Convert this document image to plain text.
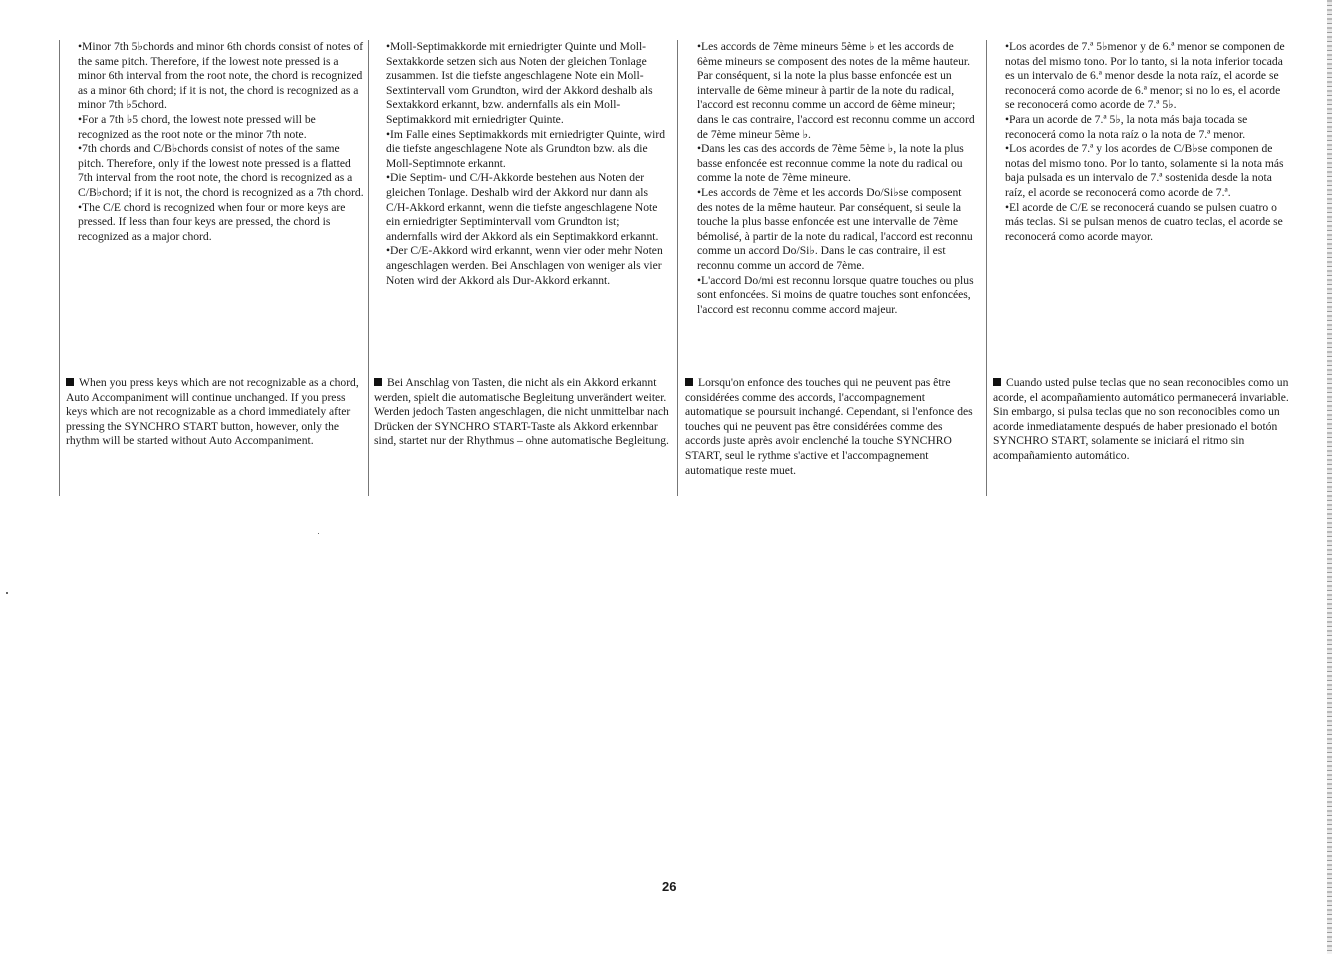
•Minor 7th 5♭chords and minor 6th chords consist of notes of the same pitch. Therefore, if the lowest note pressed is a minor 6th interval from the root note, the chord is recognized as a minor 6th chord; if it is not, the chord is recognized as a minor 7th ♭5chord.

•For a 7th ♭5 chord, the lowest note pressed will be recognized as the root note or the minor 7th note.

•7th chords and C/B♭chords consist of notes of the same pitch. Therefore, only if the lowest note pressed is a flatted 7th interval from the root note, the chord is recognized as a C/B♭chord; if it is not, the chord is recognized as a 7th chord.

•The C/E chord is recognized when four or more keys are pressed. If less than four keys are pressed, the chord is recognized as a major chord.

When you press keys which are not recognizable as a chord, Auto Accompaniment will continue unchanged. If you press keys which are not recognizable as a chord immediately after pressing the SYNCHRO START button, however, only the rhythm will be started without Auto Accompaniment.

•Moll-Septimakkorde mit erniedrigter Quinte und Moll-Sextakkorde setzen sich aus Noten der gleichen Tonlage zusammen. Ist die tiefste angeschlagene Note ein Moll-Sextintervall vom Grundton, wird der Akkord deshalb als Sextakkord erkannt, bzw. andernfalls als ein Moll-Septimakkord mit erniedrigter Quinte.

•Im Falle eines Septimakkords mit erniedrigter Quinte, wird die tiefste angeschlagene Note als Grundton bzw. als die Moll-Septimnote erkannt.

•Die Septim- und C/H-Akkorde bestehen aus Noten der gleichen Tonlage. Deshalb wird der Akkord nur dann als C/H-Akkord erkannt, wenn die tiefste angeschlagene Note ein erniedrigter Septimintervall vom Grundton ist; andernfalls wird der Akkord als ein Septimakkord erkannt.

•Der C/E-Akkord wird erkannt, wenn vier oder mehr Noten angeschlagen werden. Bei Anschlagen von weniger als vier Noten wird der Akkord als Dur-Akkord erkannt.

Bei Anschlag von Tasten, die nicht als ein Akkord erkannt werden, spielt die automatische Begleitung unverändert weiter. Werden jedoch Tasten angeschlagen, die nicht unmittelbar nach Drücken der SYNCHRO START-Taste als Akkord erkennbar sind, startet nur der Rhythmus – ohne automatische Begleitung.

•Les accords de 7ème mineurs 5ème ♭ et les accords de 6ème mineurs se composent des notes de la même hauteur. Par conséquent, si la note la plus basse enfoncée est un intervalle de 6ème mineur à partir de la note du radical, l'accord est reconnu comme un accord de 6ème mineur; dans le cas contraire, l'accord est reconnu comme un accord de 7ème mineur 5ème ♭.

•Dans les cas des accords de 7ème 5ème ♭, la note la plus basse enfoncée est reconnue comme la note du radical ou comme la note de 7ème mineure.

•Les accords de 7ème et les accords Do/Si♭se composent des notes de la même hauteur. Par conséquent, si seule la touche la plus basse enfoncée est une intervalle de 7ème bémolisé, à partir de la note du radical, l'accord est reconnu comme un accord Do/Si♭. Dans le cas contraire, il est reconnu comme un accord de 7ème.

•L'accord Do/mi est reconnu lorsque quatre touches ou plus sont enfoncées. Si moins de quatre touches sont enfoncées, l'accord est reconnu comme accord majeur.

Lorsqu'on enfonce des touches qui ne peuvent pas être considérées comme des accords, l'accompagnement automatique se poursuit inchangé. Cependant, si l'enfonce des touches qui ne peuvent pas être considérées comme des accords juste après avoir enclenché la touche SYNCHRO START, seul le rythme s'active et l'accompagnement automatique reste muet.

•Los acordes de 7.ª 5♭menor y de 6.ª menor se componen de notas del mismo tono. Por lo tanto, si la nota inferior tocada es un intervalo de 6.ª menor desde la nota raíz, el acorde se reconocerá como acorde de 6.ª menor; si no lo es, el acorde se reconocerá como acorde de 7.ª 5♭.

•Para un acorde de 7.ª 5♭, la nota más baja tocada se reconocerá como la nota raíz o la nota de 7.ª menor.

•Los acordes de 7.ª y los acordes de C/B♭se componen de notas del mismo tono. Por lo tanto, solamente si la nota más baja pulsada es un intervalo de 7.ª sostenida desde la nota raíz, el acorde se reconocerá como acorde de 7.ª.

•El acorde de C/E se reconocerá cuando se pulsen cuatro o más teclas. Si se pulsan menos de cuatro teclas, el acorde se reconocerá como acorde mayor.

Cuando usted pulse teclas que no sean reconocibles como un acorde, el acompañamiento automático permanecerá invariable. Sin embargo, si pulsa teclas que no son reconocibles como un acorde inmediatamente después de haber presionado el botón SYNCHRO START, solamente se iniciará el ritmo sin acompañamiento automático.
26
